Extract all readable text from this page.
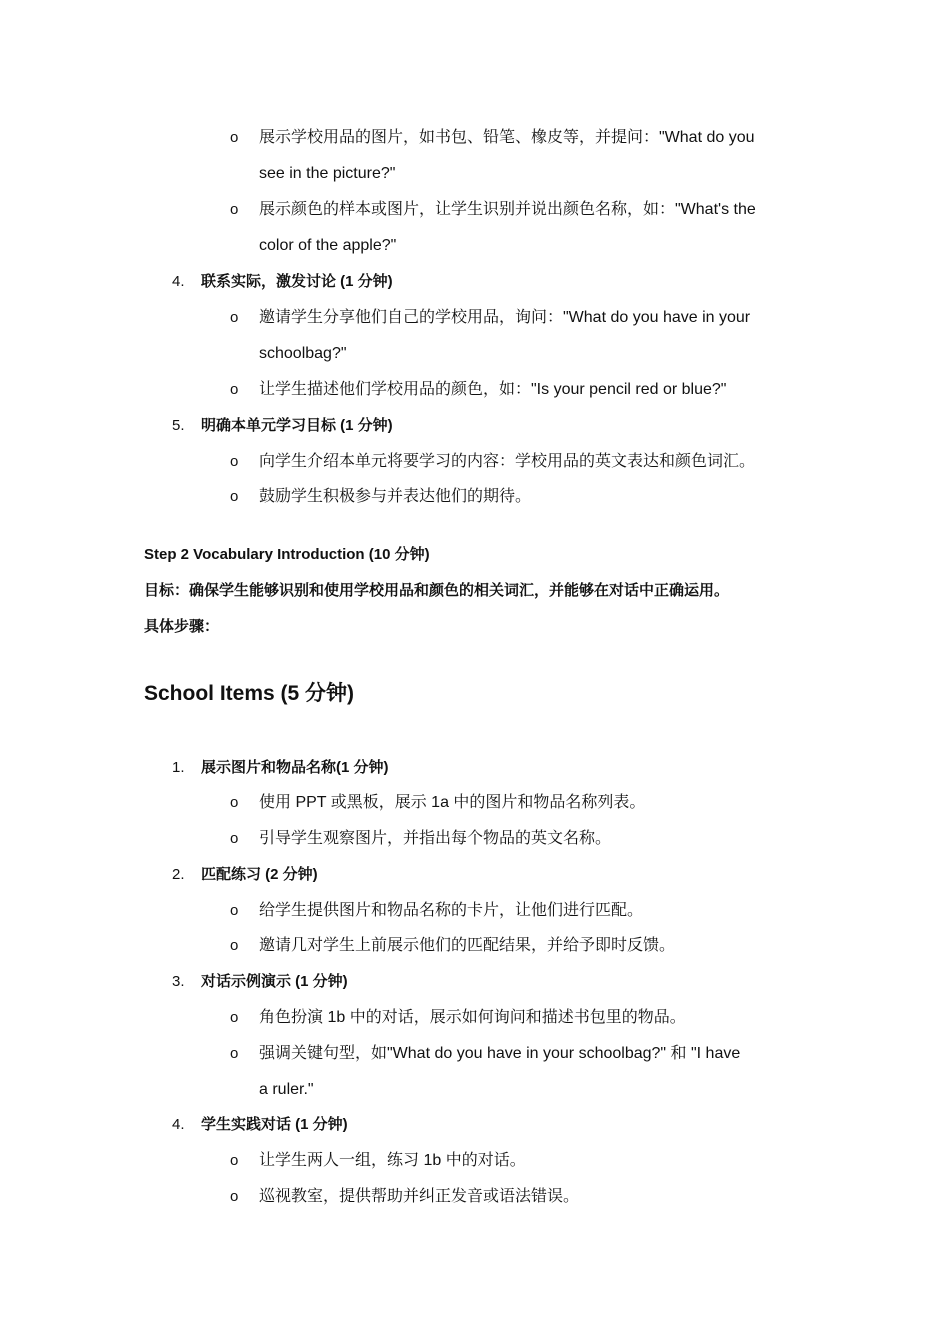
o 展示学校用品的图片，如书包、铅笔、橡皮等，并提问："What do you
see in the picture?"
o 展示颜色的样本或图片，让学生识别并说出颜色名称，如："What's the
color of the apple?"
4. 联系实际，激发讨论 (1 分钟)
o 邀请学生分享他们自己的学校用品，询问："What do you have in your
schoolbag?"
o 让学生描述他们学校用品的颜色，如："Is your pencil red or blue?"
5. 明确本单元学习目标 (1 分钟)
o 向学生介绍本单元将要学习的内容：学校用品的英文表达和颜色词汇。
o 鼓励学生积极参与并表达他们的期待。
Step 2 Vocabulary Introduction (10 分钟)
目标：确保学生能够识别和使用学校用品和颜色的相关词汇，并能够在对话中正确运用。
具体步骤：
School Items (5 分钟)
1. 展示图片和物品名称(1 分钟)
o 使用 PPT 或黑板，展示 1a 中的图片和物品名称列表。
o 引导学生观察图片，并指出每个物品的英文名称。
2. 匹配练习 (2 分钟)
o 给学生提供图片和物品名称的卡片，让他们进行匹配。
o 邀请几对学生上前展示他们的匹配结果，并给予即时反馈。
3. 对话示例演示 (1 分钟)
o 角色扮演 1b 中的对话，展示如何询问和描述书包里的物品。
o 强调关键句型，如"What do you have in your schoolbag?" 和 "I have
a ruler."
4. 学生实践对话 (1 分钟)
o 让学生两人一组，练习 1b 中的对话。
o 巡视教室，提供帮助并纠正发音或语法错误。
